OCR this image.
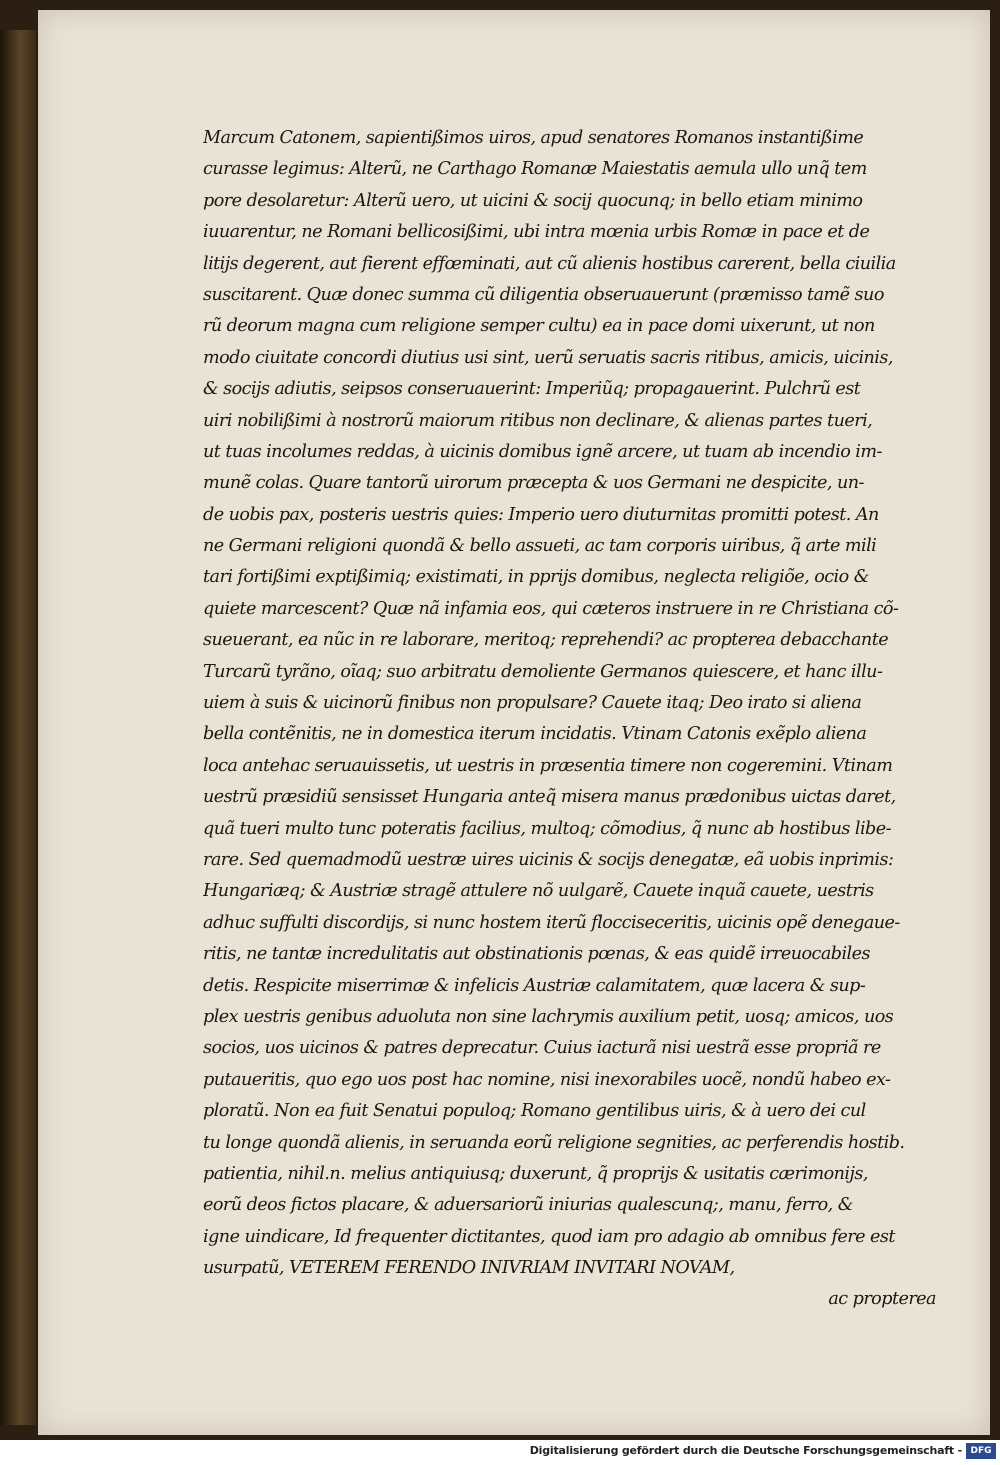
Marcum Catonem, sapientißimos uiros, apud senatores Romanos instantißime
curasse legimus: Alterũ, ne Carthago Romanæ Maiestatis aemula ullo unq̃ tem
pore desolaretur: Alterũ uero, ut uicini & socij quocunq; in bello etiam minimo
iuuarentur, ne Romani bellicosißimi, ubi intra mœnia urbis Romæ in pace et de
litijs degerent, aut fierent effœminati, aut cũ alienis hostibus carerent, bella ciuilia
suscitarent. Quæ donec summa cũ diligentia obseruauerunt (præmisso tamẽ suo
rũ deorum magna cum religione semper cultu) ea in pace domi uixerunt, ut non
modo ciuitate concordi diutius usi sint, uerũ seruatis sacris ritibus, amicis, uicinis,
& socijs adiutis, seipsos conseruauerint: Imperiũq; propagauerint. Pulchrũ est
uiri nobilißimi à nostrorũ maiorum ritibus non declinare, & alienas partes tueri,
ut tuas incolumes reddas, à uicinis domibus ignẽ arcere, ut tuam ab incendio im-
munẽ colas. Quare tantorũ uirorum præcepta & uos Germani ne despicite, un-
de uobis pax, posteris uestris quies: Imperio uero diuturnitas promitti potest. An
ne Germani religioni quondã & bello assueti, ac tam corporis uiribus, q̃ arte mili
tari fortißimi exptißimiq; existimati, in pprijs domibus, neglecta religiõe, ocio &
quiete marcescent? Quæ nã infamia eos, qui cæteros instruere in re Christiana cõ-
sueuerant, ea nũc in re laborare, meritoq; reprehendi? ac propterea debacchante
Turcarũ tyrãno, oĩaq; suo arbitratu demoliente Germanos quiescere, et hanc illu-
uiem à suis & uicinorũ finibus non propulsare? Cauete itaq; Deo irato si aliena
bella contẽnitis, ne in domestica iterum incidatis. Vtinam Catonis exẽplo aliena
loca antehac seruauissetis, ut uestris in præsentia timere non cogeremini. Vtinam
uestrũ præsidiũ sensisset Hungaria anteq̃ misera manus prædonibus uictas daret,
quã tueri multo tunc poteratis facilius, multoq; cõmodius, q̃ nunc ab hostibus libe-
rare. Sed quemadmodũ uestræ uires uicinis & socijs denegatæ, eã uobis inprimis:
Hungariæq; & Austriæ stragẽ attulere nõ uulgarẽ, Cauete inquã cauete, uestris
adhuc suffulti discordijs, si nunc hostem iterũ flocciseceritis, uicinis opẽ denegaue-
ritis, ne tantæ incredulitatis aut obstinationis pœnas, & eas quidẽ irreuocabiles
detis. Respicite miserrimæ & infelicis Austriæ calamitatem, quæ lacera & sup-
plex uestris genibus aduoluta non sine lachrymis auxilium petit, uosq; amicos, uos
socios, uos uicinos & patres deprecatur. Cuius iacturã nisi uestrã esse propriã re
putaueritis, quo ego uos post hac nomine, nisi inexorabiles uocẽ, nondũ habeo ex-
ploratũ. Non ea fuit Senatui populoq; Romano gentilibus uiris, & à uero dei cul
tu longe quondã alienis, in seruanda eorũ religione segnities, ac perferendis hostib.
patientia, nihil.n. melius antiquiusq; duxerunt, q̃ proprijs & usitatis cærimonijs,
eorũ deos fictos placare, & aduersariorũ iniurias qualescunq;, manu, ferro, &
igne uindicare, Id frequenter dictitantes, quod iam pro adagio ab omnibus fere est
usurpatũ, VETEREM FERENDO INIVRIAM INVITARI NOVAM,
ac propterea
Digitalisierung gefördert durch die Deutsche Forschungsgemeinschaft - DFG
